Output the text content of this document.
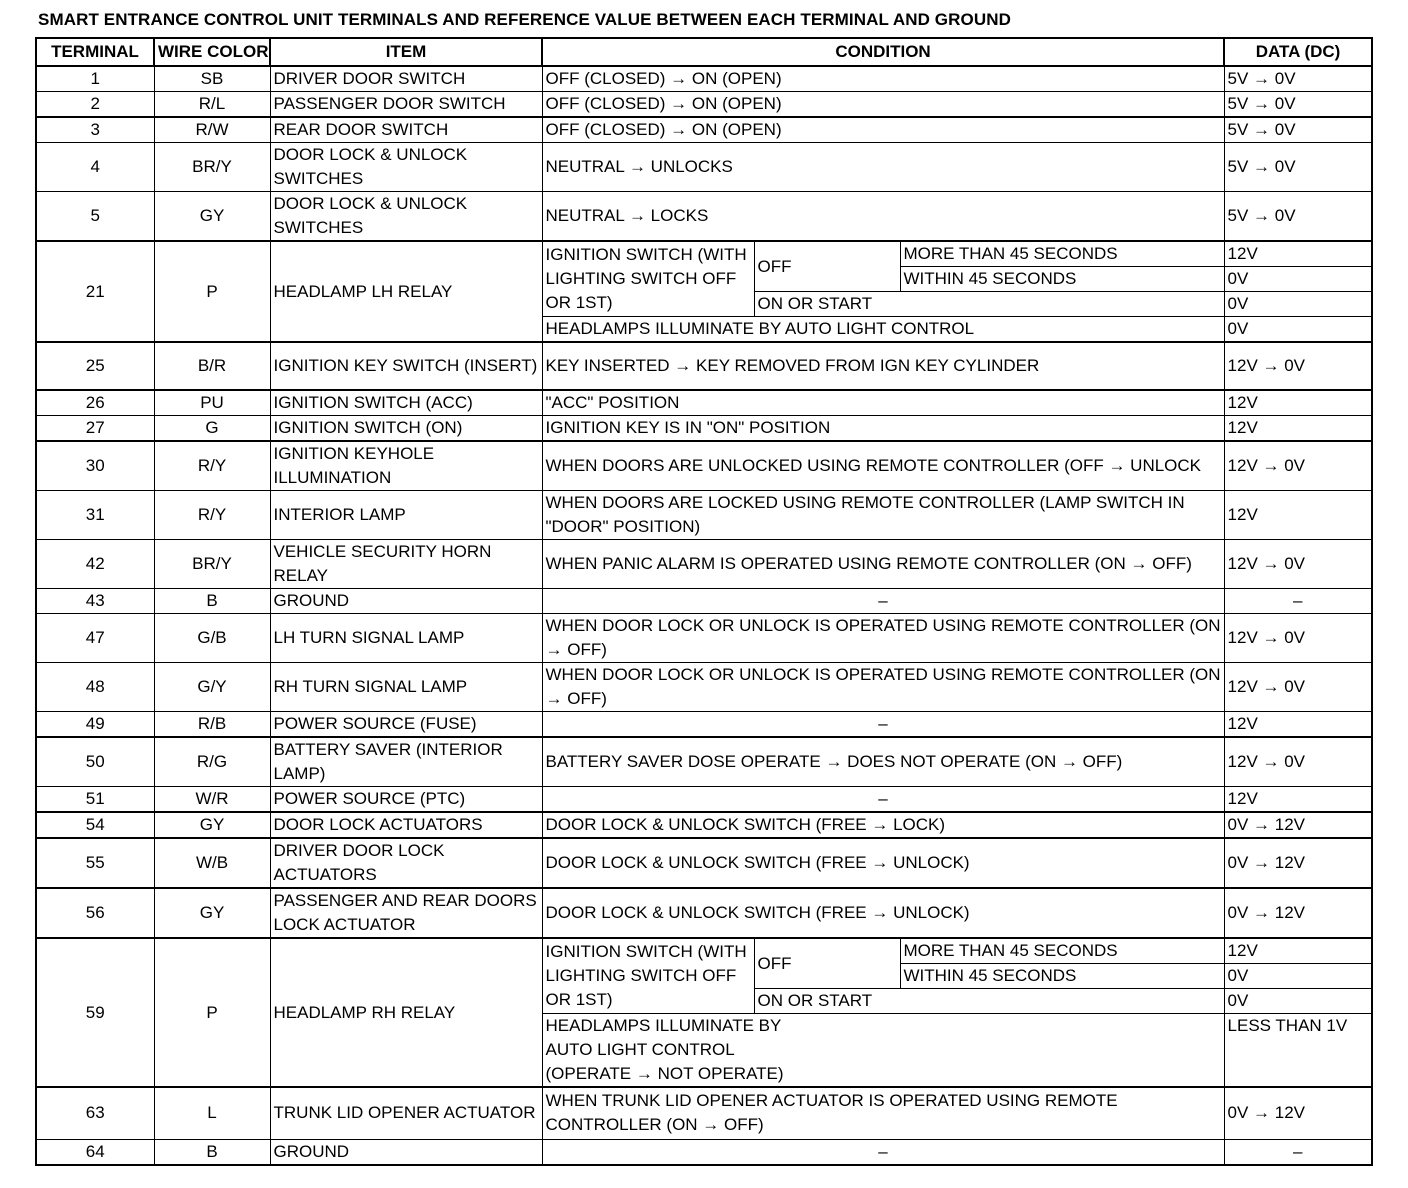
SMART ENTRANCE CONTROL UNIT TERMINALS AND REFERENCE VALUE BETWEEN EACH TERMINAL AND GROUND
TERMINAL	WIRE COLOR	ITEM	CONDITION			DATA (DC)
1	SB	DRIVER DOOR SWITCH	OFF (CLOSED) → ON (OPEN)			5V → 0V
2	R/L	PASSENGER DOOR SWITCH	OFF (CLOSED) → ON (OPEN)			5V → 0V
3	R/W	REAR DOOR SWITCH	OFF (CLOSED) → ON (OPEN)			5V → 0V
4	BR/Y	DOOR LOCK & UNLOCK SWITCHES	NEUTRAL → UNLOCKS			5V → 0V
5	GY	DOOR LOCK & UNLOCK SWITCHES	NEUTRAL → LOCKS			5V → 0V
21	P	HEADLAMP LH RELAY	IGNITION SWITCH (WITH LIGHTING SWITCH OFF OR 1ST)	OFF	MORE THAN 45 SECONDS	12V
					WITHIN 45 SECONDS	0V
				ON OR START		0V
			HEADLAMPS ILLUMINATE BY AUTO LIGHT CONTROL			0V
25	B/R	IGNITION KEY SWITCH (INSERT)	KEY INSERTED → KEY REMOVED FROM IGN KEY CYLINDER			12V → 0V
26	PU	IGNITION SWITCH (ACC)	"ACC" POSITION			12V
27	G	IGNITION SWITCH (ON)	IGNITION KEY IS IN "ON" POSITION			12V
30	R/Y	IGNITION KEYHOLE ILLUMINATION	WHEN DOORS ARE UNLOCKED USING REMOTE CONTROLLER (OFF → UNLOCK			12V → 0V
31	R/Y	INTERIOR LAMP	WHEN DOORS ARE LOCKED USING REMOTE CONTROLLER (LAMP SWITCH IN "DOOR" POSITION)			12V
42	BR/Y	VEHICLE SECURITY HORN RELAY	WHEN PANIC ALARM IS OPERATED USING REMOTE CONTROLLER (ON → OFF)			12V → 0V
43	B	GROUND	–			–
47	G/B	LH TURN SIGNAL LAMP	WHEN DOOR LOCK OR UNLOCK IS OPERATED USING REMOTE CONTROLLER (ON → OFF)			12V → 0V
48	G/Y	RH TURN SIGNAL LAMP	WHEN DOOR LOCK OR UNLOCK IS OPERATED USING REMOTE CONTROLLER (ON → OFF)			12V → 0V
49	R/B	POWER SOURCE (FUSE)	–			12V
50	R/G	BATTERY SAVER (INTERIOR LAMP)	BATTERY SAVER DOSE OPERATE → DOES NOT OPERATE (ON → OFF)			12V → 0V
51	W/R	POWER SOURCE (PTC)	–			12V
54	GY	DOOR LOCK ACTUATORS	DOOR LOCK & UNLOCK SWITCH (FREE → LOCK)			0V → 12V
55	W/B	DRIVER DOOR LOCK ACTUATORS	DOOR LOCK & UNLOCK SWITCH (FREE → UNLOCK)			0V → 12V
56	GY	PASSENGER AND REAR DOORS LOCK ACTUATOR	DOOR LOCK & UNLOCK SWITCH (FREE → UNLOCK)			0V → 12V
59	P	HEADLAMP RH RELAY	IGNITION SWITCH (WITH LIGHTING SWITCH OFF OR 1ST)	OFF	MORE THAN 45 SECONDS	12V
					WITHIN 45 SECONDS	0V
				ON OR START		0V
			HEADLAMPS ILLUMINATE BY AUTO LIGHT CONTROL (OPERATE → NOT OPERATE)			LESS THAN 1V
63	L	TRUNK LID OPENER ACTUATOR	WHEN TRUNK LID OPENER ACTUATOR IS OPERATED USING REMOTE CONTROLLER (ON → OFF)			0V → 12V
64	B	GROUND	–			–
